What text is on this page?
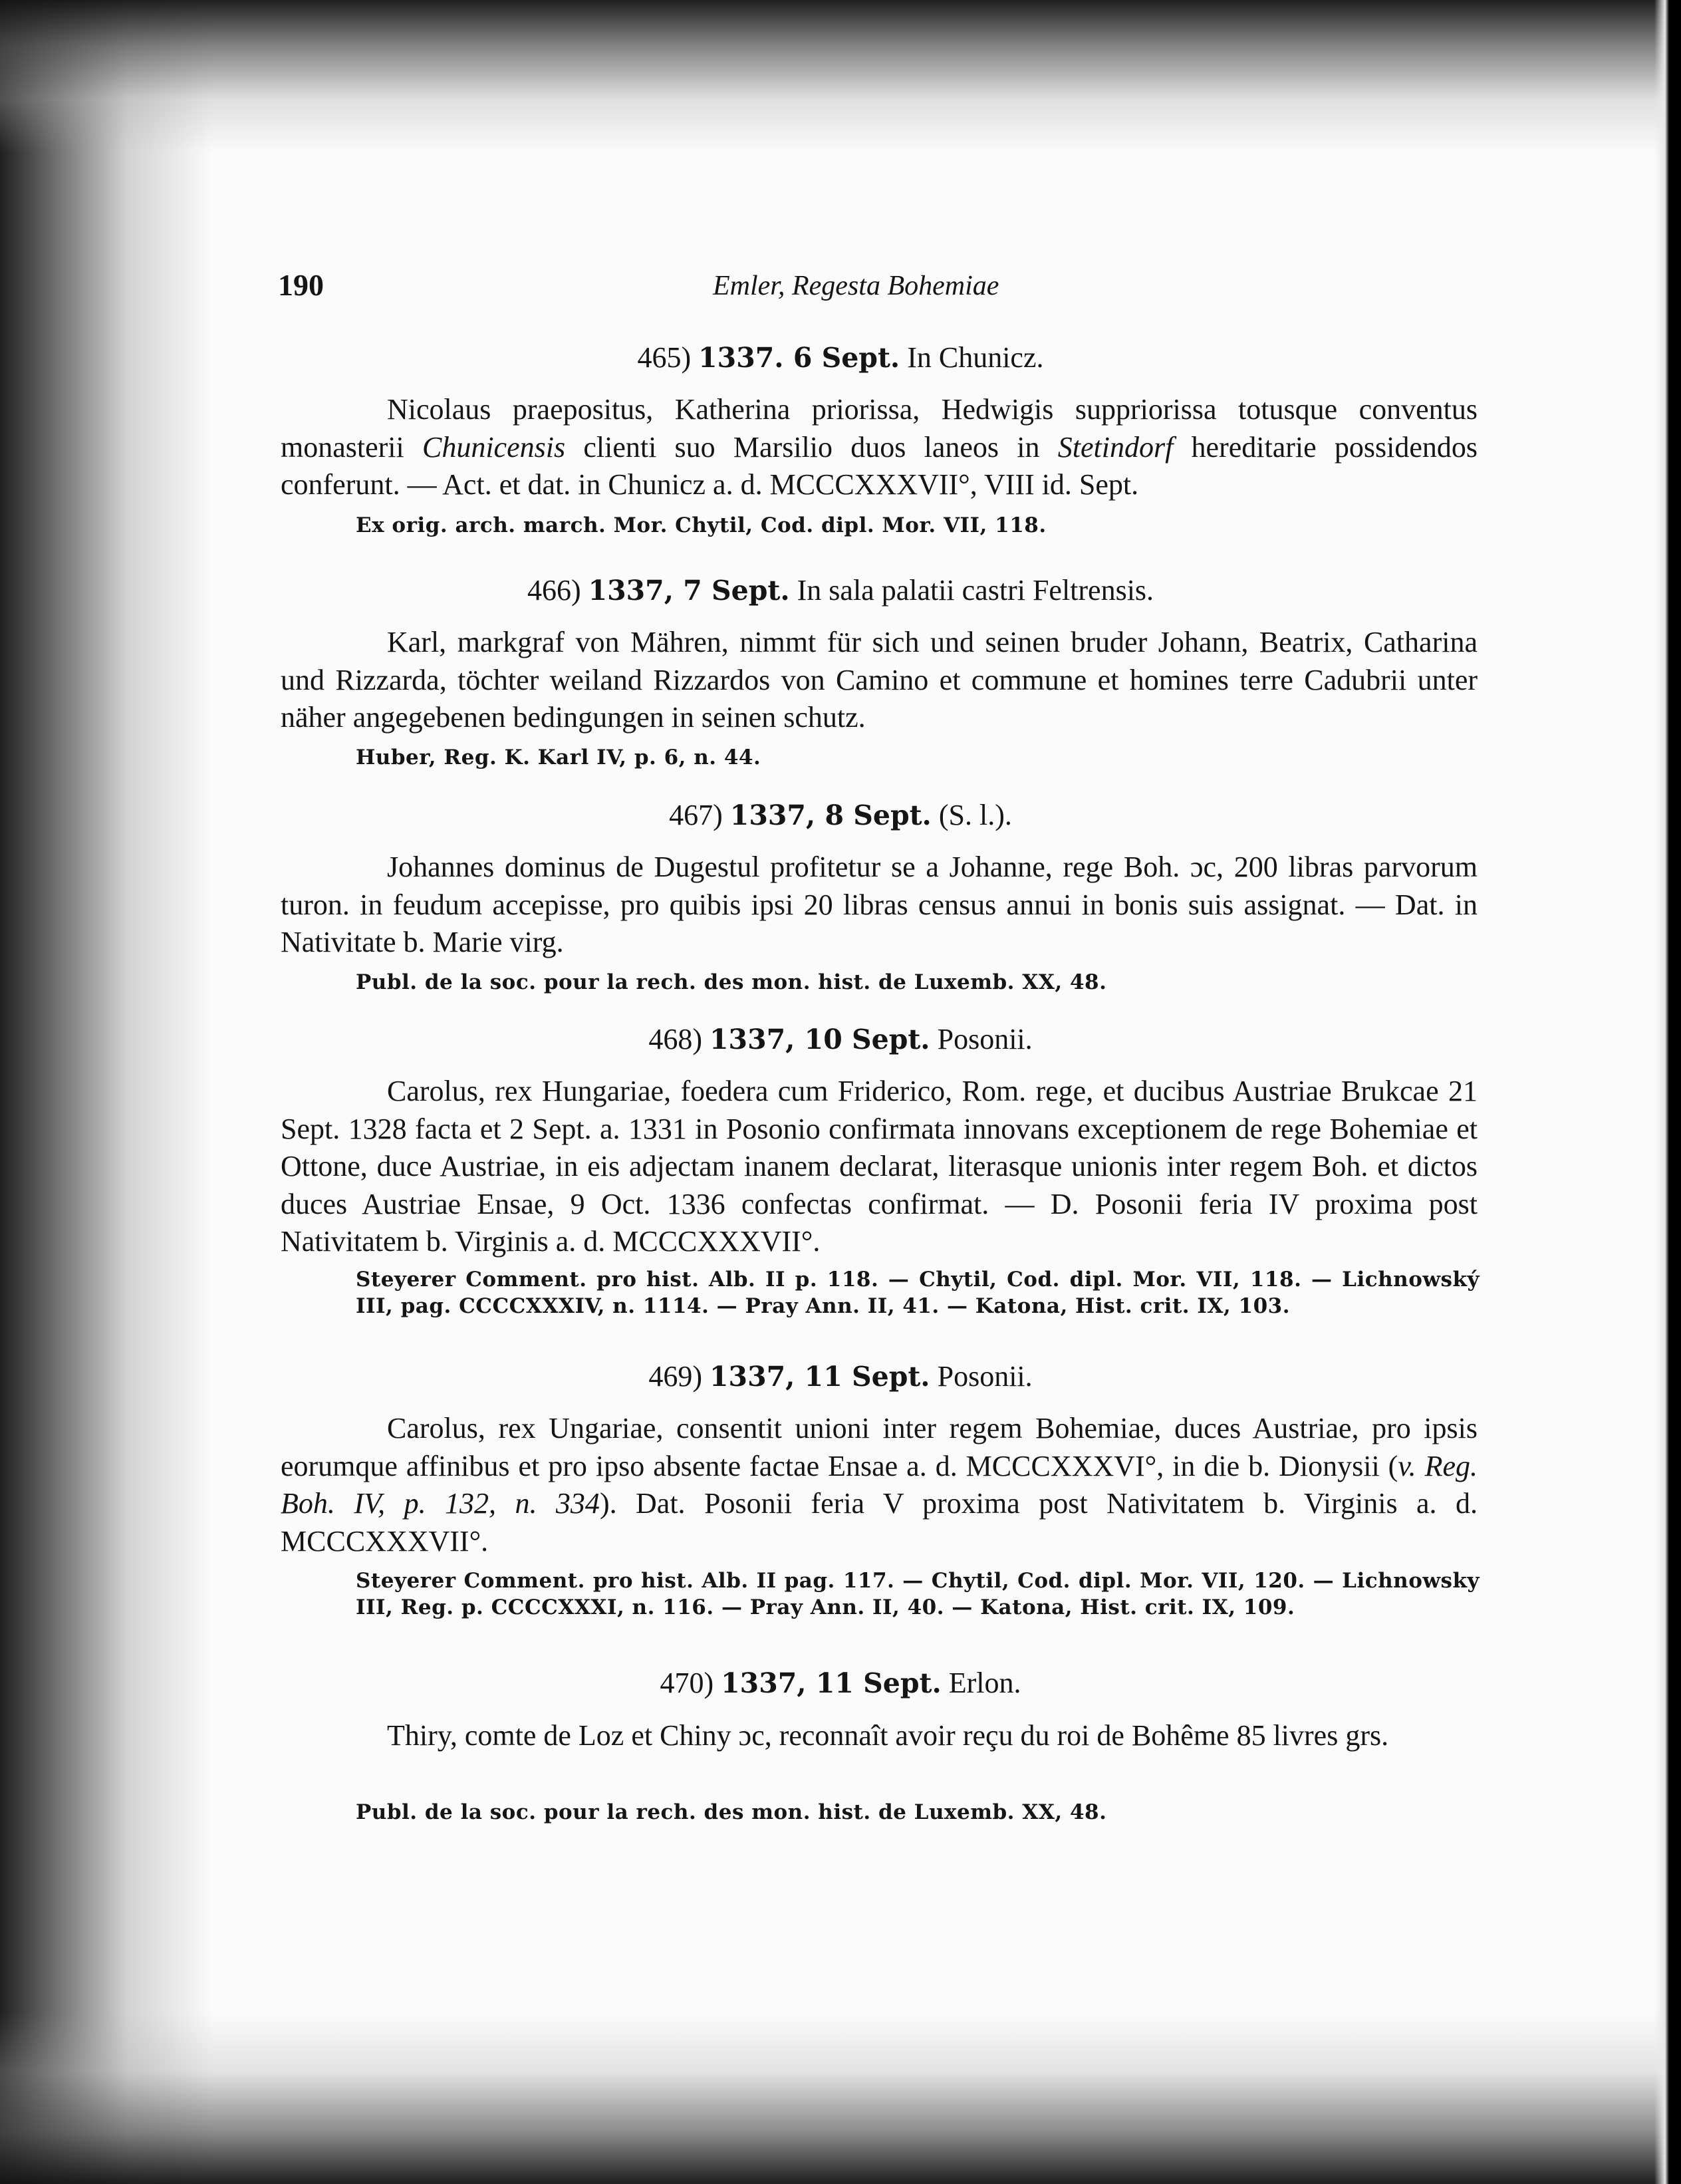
190	Emler, Regesta Bohemiae
465) 1337. 6 Sept. In Chunicz.
Nicolaus praepositus, Katherina priorissa, Hedwigis suppriorissa totusque conventus monasterii Chunicensis clienti suo Marsilio duos laneos in Stetindorf hereditarie possidendos conferunt. — Act. et dat. in Chunicz a. d. MCCCXXXVII°, VIII id. Sept.
Ex orig. arch. march. Mor. Chytil, Cod. dipl. Mor. VII, 118.
466) 1337, 7 Sept. In sala palatii castri Feltrensis.
Karl, markgraf von Mähren, nimmt für sich und seinen bruder Johann, Beatrix, Catharina und Rizzarda, töchter weiland Rizzardos von Camino et commune et homines terre Cadubrii unter näher angegebenen bedingungen in seinen schutz.
Huber, Reg. K. Karl IV, p. 6, n. 44.
467) 1337, 8 Sept. (S. l.).
Johannes dominus de Dugestul profitetur se a Johanne, rege Boh. ɔc, 200 libras parvorum turon. in feudum accepisse, pro quibis ipsi 20 libras census annui in bonis suis assignat. — Dat. in Nativitate b. Marie virg.
Publ. de la soc. pour la rech. des mon. hist. de Luxemb. XX, 48.
468) 1337, 10 Sept. Posonii.
Carolus, rex Hungariae, foedera cum Friderico, Rom. rege, et ducibus Austriae Brukcae 21 Sept. 1328 facta et 2 Sept. a. 1331 in Posonio confirmata innovans exceptionem de rege Bohemiae et Ottone, duce Austriae, in eis adjectam inanem declarat, literasque unionis inter regem Boh. et dictos duces Austriae Ensae, 9 Oct. 1336 confectas confirmat. — D. Posonii feria IV proxima post Nativitatem b. Virginis a. d. MCCCXXXVII°.
Steyerer Comment. pro hist. Alb. II p. 118. — Chytil, Cod. dipl. Mor. VII, 118. — Lichnowský III, pag. CCCCXXXIV, n. 1114. — Pray Ann. II, 41. — Katona, Hist. crit. IX, 103.
469) 1337, 11 Sept. Posonii.
Carolus, rex Ungariae, consentit unioni inter regem Bohemiae, duces Austriae, pro ipsis eorumque affinibus et pro ipso absente factae Ensae a. d. MCCCXXXVI°, in die b. Dionysii (v. Reg. Boh. IV, p. 132, n. 334). Dat. Posonii feria V proxima post Nativitatem b. Virginis a. d. MCCCXXXVII°.
Steyerer Comment. pro hist. Alb. II pag. 117. — Chytil, Cod. dipl. Mor. VII, 120. — Lichnowsky III, Reg. p. CCCCXXXI, n. 116. — Pray Ann. II, 40. — Katona, Hist. crit. IX, 109.
470) 1337, 11 Sept. Erlon.
Thiry, comte de Loz et Chiny ɔc, reconnaît avoir reçu du roi de Bohême 85 livres grs.
Publ. de la soc. pour la rech. des mon. hist. de Luxemb. XX, 48.
